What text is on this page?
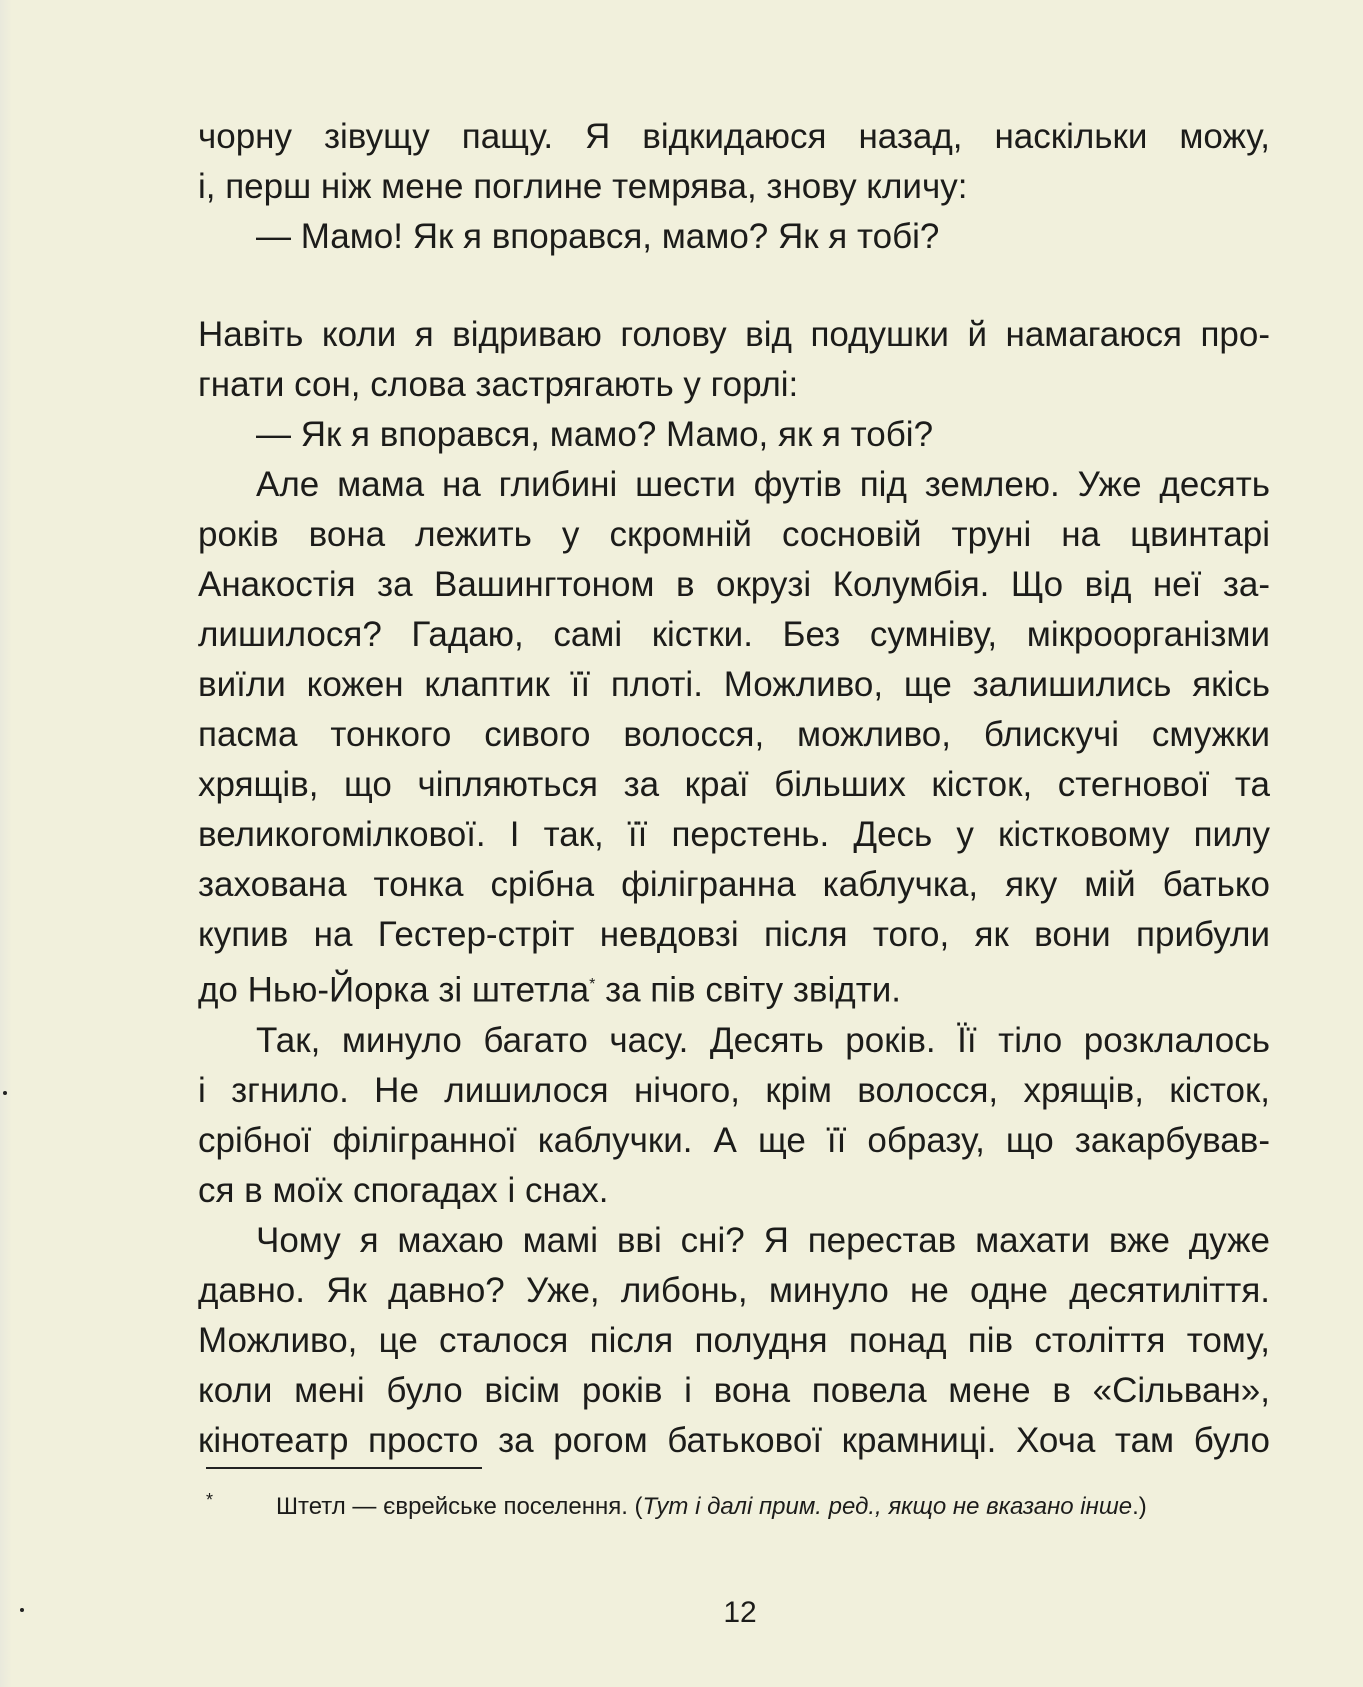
чорну зівущу пащу. Я відкидаюся назад, наскільки можу,

і, перш ніж мене поглине темрява, знову кличу:

— Мамо! Як я впорався, мамо? Як я тобі?

Навіть коли я відриваю голову від подушки й намагаюся про-

гнати сон, слова застрягають у горлі:

— Як я впорався, мамо? Мамо, як я тобі?

Але мама на глибині шести футів під землею. Уже десять

років вона лежить у скромній сосновій труні на цвинтарі

Анакостія за Вашингтоном в окрузі Колумбія. Що від неї за-

лишилося? Гадаю, самі кістки. Без сумніву, мікроорганізми

виїли кожен клаптик її плоті. Можливо, ще залишились якісь

пасма тонкого сивого волосся, можливо, блискучі смужки

хрящів, що чіпляються за краї більших кісток, стегнової та

великогомілкової. І так, її перстень. Десь у кістковому пилу

захована тонка срібна філігранна каблучка, яку мій батько

купив на Гестер-стріт невдовзі після того, як вони прибули

до Нью-Йорка зі штетла* за пів світу звідти.

Так, минуло багато часу. Десять років. Її тіло розклалось

і згнило. Не лишилося нічого, крім волосся, хрящів, кісток,

срібної філігранної каблучки. А ще її образу, що закарбував-

ся в моїх спогадах і снах.

Чому я махаю мамі вві сні? Я перестав махати вже дуже

давно. Як давно? Уже, либонь, минуло не одне десятиліття.

Можливо, це сталося після полудня понад пів століття тому,

коли мені було вісім років і вона повела мене в «Сільван»,

кінотеатр просто за рогом батькової крамниці. Хоча там було

*	Штетл — єврейське поселення. (Тут і далі прим. ред., якщо не вказано інше.)
12
